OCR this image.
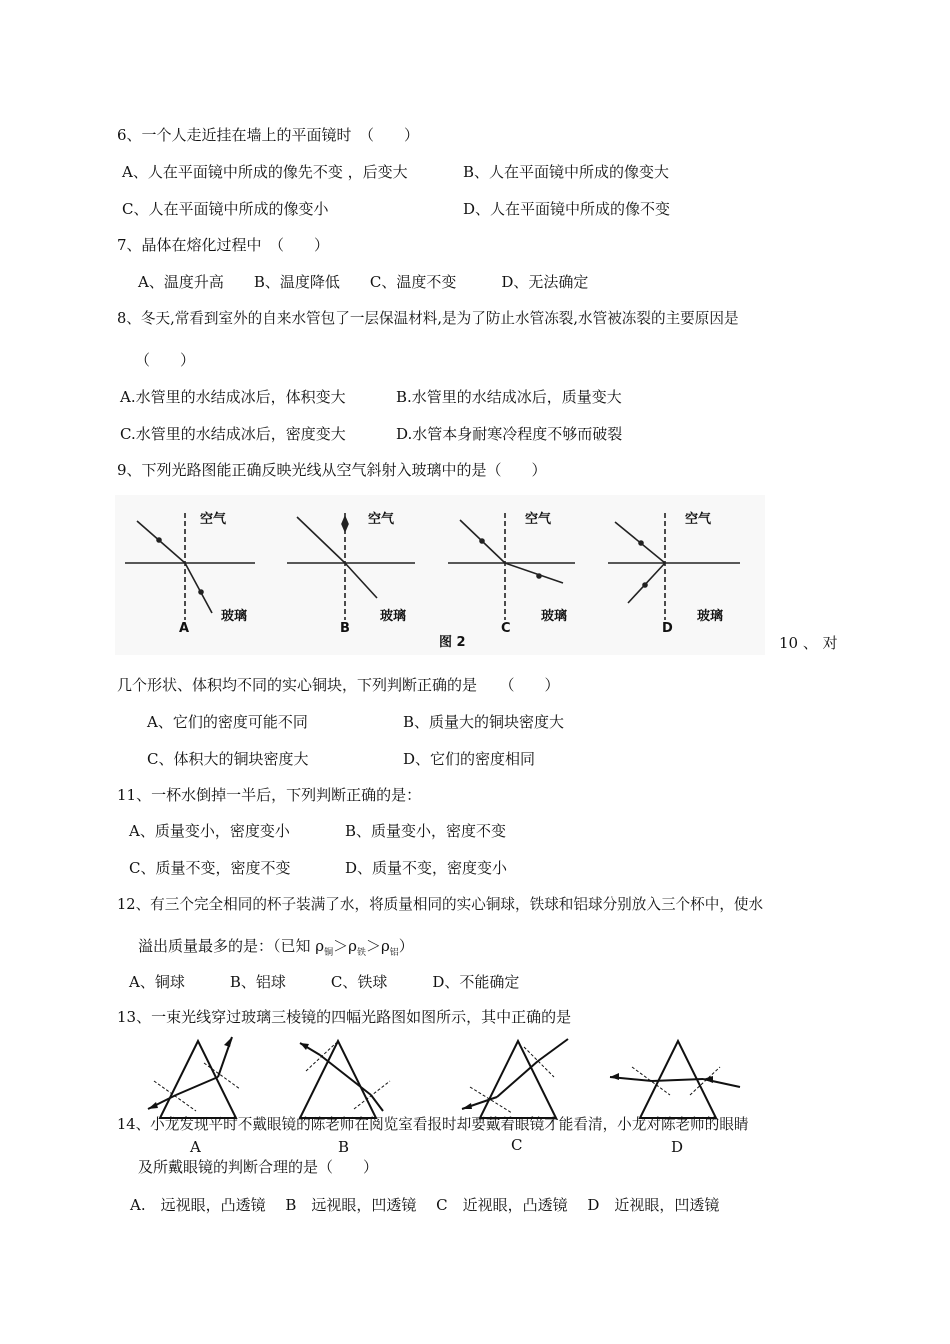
6、一个人走近挂在墙上的平面镜时　（　　）
A、人在平面镜中所成的像先不变 ，后变大	B、人在平面镜中所成的像变大
C、人在平面镜中所成的像变小	D、人在平面镜中所成的像不变
7、晶体在熔化过程中　（　　）
A、温度升高　　B、温度降低　　C、温度不变　　　D、无法确定
8、冬天,常看到室外的自来水管包了一层保温材料,是为了防止水管冻裂,水管被冻裂的主要原因是
（　　）
A.水管里的水结成冰后，体积变大	B.水管里的水结成冰后，质量变大
C.水管里的水结成冰后，密度变大	D.水管本身耐寒冷程度不够而破裂
9、下列光路图能正确反映光线从空气斜射入玻璃中的是（　　）
空气	空气	空气	空气
玻璃	玻璃	玻璃	玻璃
A	B	C	D
图 2	10 、 对
几个形状、体积均不同的实心铜块，下列判断正确的是　　（　　）
A、它们的密度可能不同	B、质量大的铜块密度大
C、体积大的铜块密度大	D、它们的密度相同
11、一杯水倒掉一半后，下列判断正确的是：
A、质量变小，密度变小	B、质量变小，密度不变
C、质量不变，密度不变	D、质量不变，密度变小
12、有三个完全相同的杯子装满了水，将质量相同的实心铜球，铁球和铝球分别放入三个杯中，使水
溢出质量最多的是：（已知 $\rho_铜>\rho_铁>\rho_铝$）
A、铜球　　　B、铝球　　　C、铁球　　　D、不能确定
13、一束光线穿过玻璃三棱镜的四幅光路图如图所示，其中正确的是
14、小龙发现平时不戴眼镜的陈老师在阅览室看报时却要戴着眼镜才能看清，小龙对陈老师的眼睛
A	B	C	D
及所戴眼镜的判断合理的是（　　）
A.　远视眼，凸透镜　 B　远视眼，凹透镜　 C　近视眼，凸透镜　 D　近视眼，凹透镜
